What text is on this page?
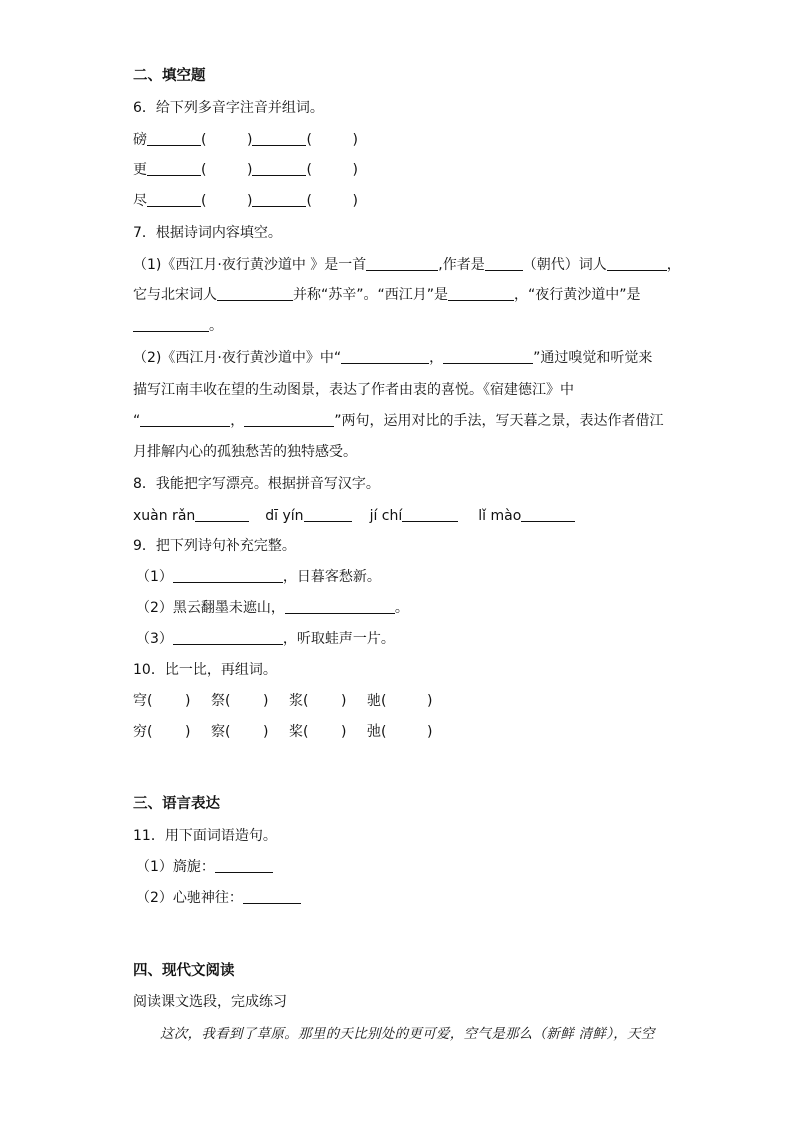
二、填空题
6．给下列多音字注音并组词。
磅	(	)	(	)
更	(	)	(	)
尽	(	)	(	)
7．根据诗词内容填空。
（1)《西江月·夜行黄沙道中 》是一首	,作者是	（朝代）词人	，
它与北宋词人	并称“苏辛”。“西江月”是	，“夜行黄沙道中”是
。
（2)《西江月·夜行黄沙道中》中“	，	”通过嗅觉和听觉来
描写江南丰收在望的生动图景，表达了作者由衷的喜悦。《宿建德江》中
“	，	”两句，运用对比的手法，写天暮之景，表达作者借江
月排解内心的孤独愁苦的独特感受。
8．我能把字写漂亮。根据拼音写汉字。
xuàn rǎn	dī yín	jí chí	lǐ mào
9．把下列诗句补充完整。
（1）	，日暮客愁新。
（2）黑云翻墨未遮山，	。
（3）	，听取蛙声一片。
10．比一比，再组词。
穹( ) 祭( ) 浆( ) 驰(	)
穷( ) 察( ) 桨( ) 弛(	)
三、语言表达
11．用下面词语造句。
（1）旖旎：
（2）心驰神往：
四、现代文阅读
阅读课文选段，完成练习
这次，我看到了草原。那里的天比别处的更可爱，空气是那么（新鲜 清鲜），天空
